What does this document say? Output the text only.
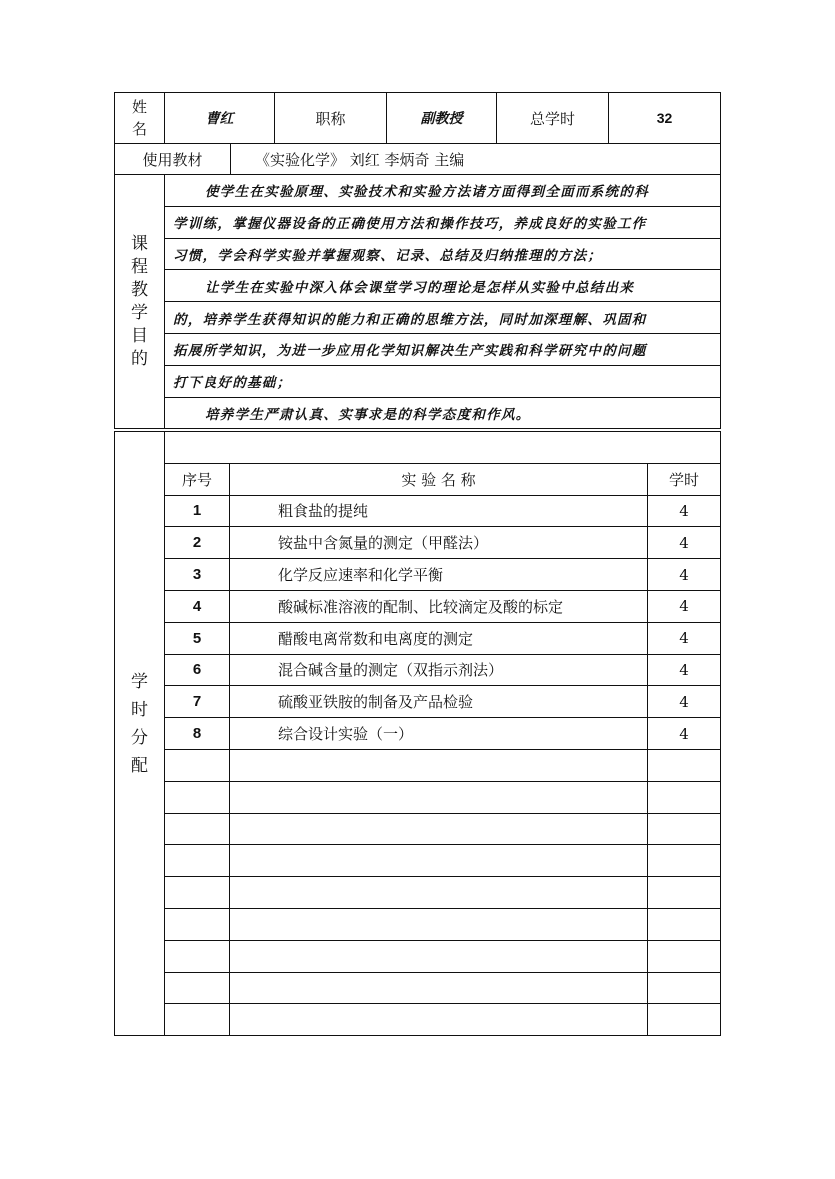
姓名	曹红	职称	副教授	总学时	32
使用教材	《实验化学》 刘红 李炳奇 主编
课
程
教
学
目
的
	使学生在实验原理、实验技术和实验方法诸方面得到全面而系统的科
学训练，掌握仪器设备的正确使用方法和操作技巧，养成良好的实验工作
习惯，学会科学实验并掌握观察、记录、总结及归纳推理的方法；
让学生在实验中深入体会课堂学习的理论是怎样从实验中总结出来
的，培养学生获得知识的能力和正确的思维方法，同时加深理解、巩固和
拓展所学知识，为进一步应用化学知识解决生产实践和科学研究中的问题
打下良好的基础；
培养学生严肃认真、实事求是的科学态度和作风。
学
时
分
配			

	序号	实 验 名 称	学时
	1	粗食盐的提纯	4
	2	铵盐中含氮量的测定（甲醛法）	4
	3	化学反应速率和化学平衡	4
	4	酸碱标准溶液的配制、比较滴定及酸的标定	4
	5	醋酸电离常数和电离度的测定	4
	6	混合碱含量的测定（双指示剂法）	4
	7	硫酸亚铁胺的制备及产品检验	4
	8	综合设计实验（一）	4
